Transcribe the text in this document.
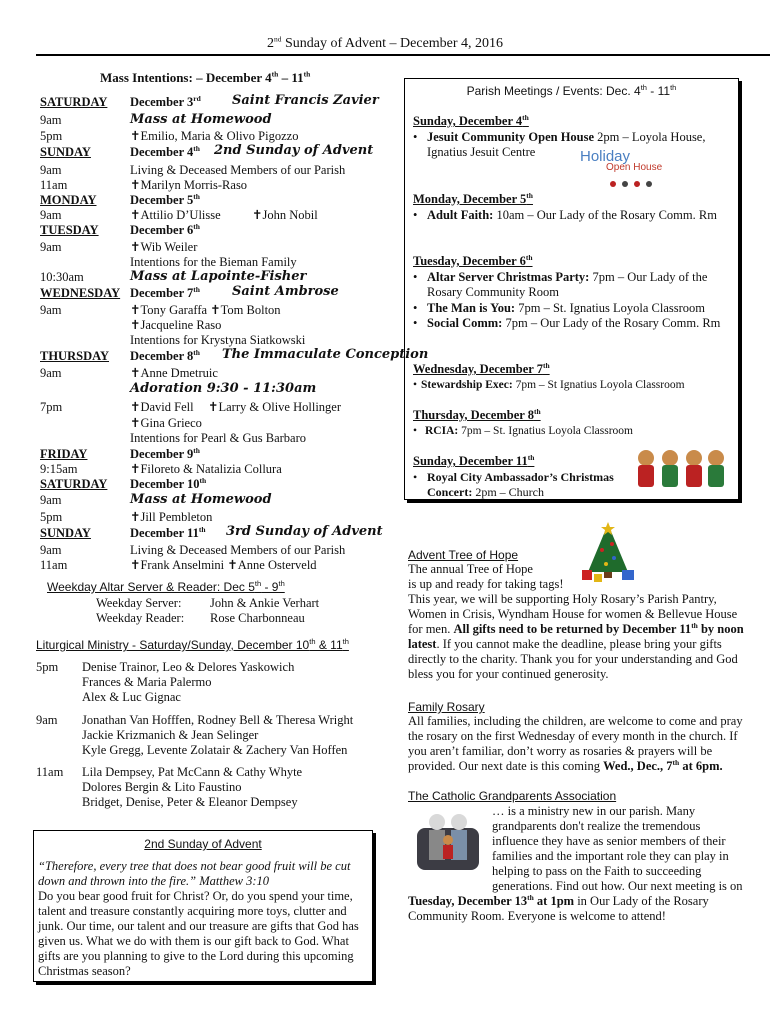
2nd Sunday of Advent – December 4, 2016
Mass Intentions: – December 4th – 11th
SATURDAY December 3rd Saint Francis Zavier
9am	Mass at Homewood
5pm	✝Emilio, Maria & Olivo Pigozzo
SUNDAY	December 4th 2nd Sunday of Advent
9am	Living & Deceased Members of our Parish
11am	✝Marilyn Morris-Raso
MONDAY	December 5th
9am	✝Attilio D’Ulisse	✝John Nobil
TUESDAY	December 6th
9am	✝Wib Weiler
Intentions for the Bieman Family
10:30am	Mass at Lapointe-Fisher
WEDNESDAY December 7th Saint Ambrose
9am	✝Tony Garaffa ✝Tom Bolton
✝Jacqueline Raso
Intentions for Krystyna Siatkowski
THURSDAY December 8th The Immaculate Conception
9am	✝Anne Dmetruic
Adoration 9:30 - 11:30am
7pm	✝David Fell ✝Larry & Olive Hollinger
✝Gina Grieco
Intentions for Pearl & Gus Barbaro
FRIDAY	December 9th
9:15am	✝Filoreto & Natalizia Collura
SATURDAY December 10th
9am	Mass at Homewood
5pm	✝Jill Pembleton
SUNDAY	December 11th 3rd Sunday of Advent
9am	Living & Deceased Members of our Parish
11am	✝Frank Anselmini ✝Anne Osterveld
Weekday Altar Server & Reader: Dec 5th - 9th
Weekday Server: John & Ankie Verhart
Weekday Reader: Rose Charbonneau
Liturgical Ministry - Saturday/Sunday, December 10th & 11th
5pm Denise Trainor, Leo & Delores Yaskowich
Frances & Maria Palermo
Alex & Luc Gignac
9am Jonathan Van Hofffen, Rodney Bell & Theresa Wright
Jackie Krizmanich & Jean Selinger
Kyle Gregg, Levente Zolatair & Zachery Van Hoffen
11am Lila Dempsey, Pat McCann & Cathy Whyte
Dolores Bergin & Lito Faustino
Bridget, Denise, Peter & Eleanor Dempsey
2nd Sunday of Advent
“Therefore, every tree that does not bear good fruit will be cut down and thrown into the fire.” Matthew 3:10
Do you bear good fruit for Christ? Or, do you spend your time, talent and treasure constantly acquiring more toys, clutter and junk. Our time, our talent and our treasure are gifts that God has given us. What we do with them is our gift back to God. What gifts are you planning to give to the Lord during this upcoming Christmas season?
Parish Meetings / Events: Dec. 4th - 11th
Sunday, December 4th
• Jesuit Community Open House 2pm – Loyola House, Ignatius Jesuit Centre	Holiday
Open House
Monday, December 5th
• Adult Faith: 10am – Our Lady of the Rosary Comm. Rm
Tuesday, December 6th
• Altar Server Christmas Party: 7pm – Our Lady of the Rosary Community Room
• The Man is You: 7pm – St. Ignatius Loyola Classroom
• Social Comm: 7pm – Our Lady of the Rosary Comm. Rm
Wednesday, December 7th
• Stewardship Exec: 7pm – St Ignatius Loyola Classroom
Thursday, December 8th
• RCIA: 7pm – St. Ignatius Loyola Classroom
Sunday, December 11th
• Royal City Ambassador’s Christmas Concert: 2pm – Church
Advent Tree of Hope
The annual Tree of Hope
is up and ready for taking tags!
This year, we will be supporting Holy Rosary’s Parish Pantry,
Women in Crisis, Wyndham House for women & Bellevue House
for men. All gifts need to be returned by December 11th by noon
latest. If you cannot make the deadline, please bring your gifts
directly to the charity. Thank you for your understanding and God
bless you for your continued generosity.
Family Rosary
All families, including the children, are welcome to come and pray
the rosary on the first Wednesday of every month in the church. If
you aren’t familiar, don’t worry as rosaries & prayers will be
provided. Our next date is this coming Wed., Dec., 7th at 6pm.
The Catholic Grandparents Association
… is a ministry new in our parish. Many
grandparents don't realize the tremendous
influence they have as senior members of their
families and the important role they can play in
helping to pass on the Faith to succeeding
generations. Find out how. Our next meeting is on
Tuesday, December 13th at 1pm in Our Lady of the Rosary
Community Room. Everyone is welcome to attend!
